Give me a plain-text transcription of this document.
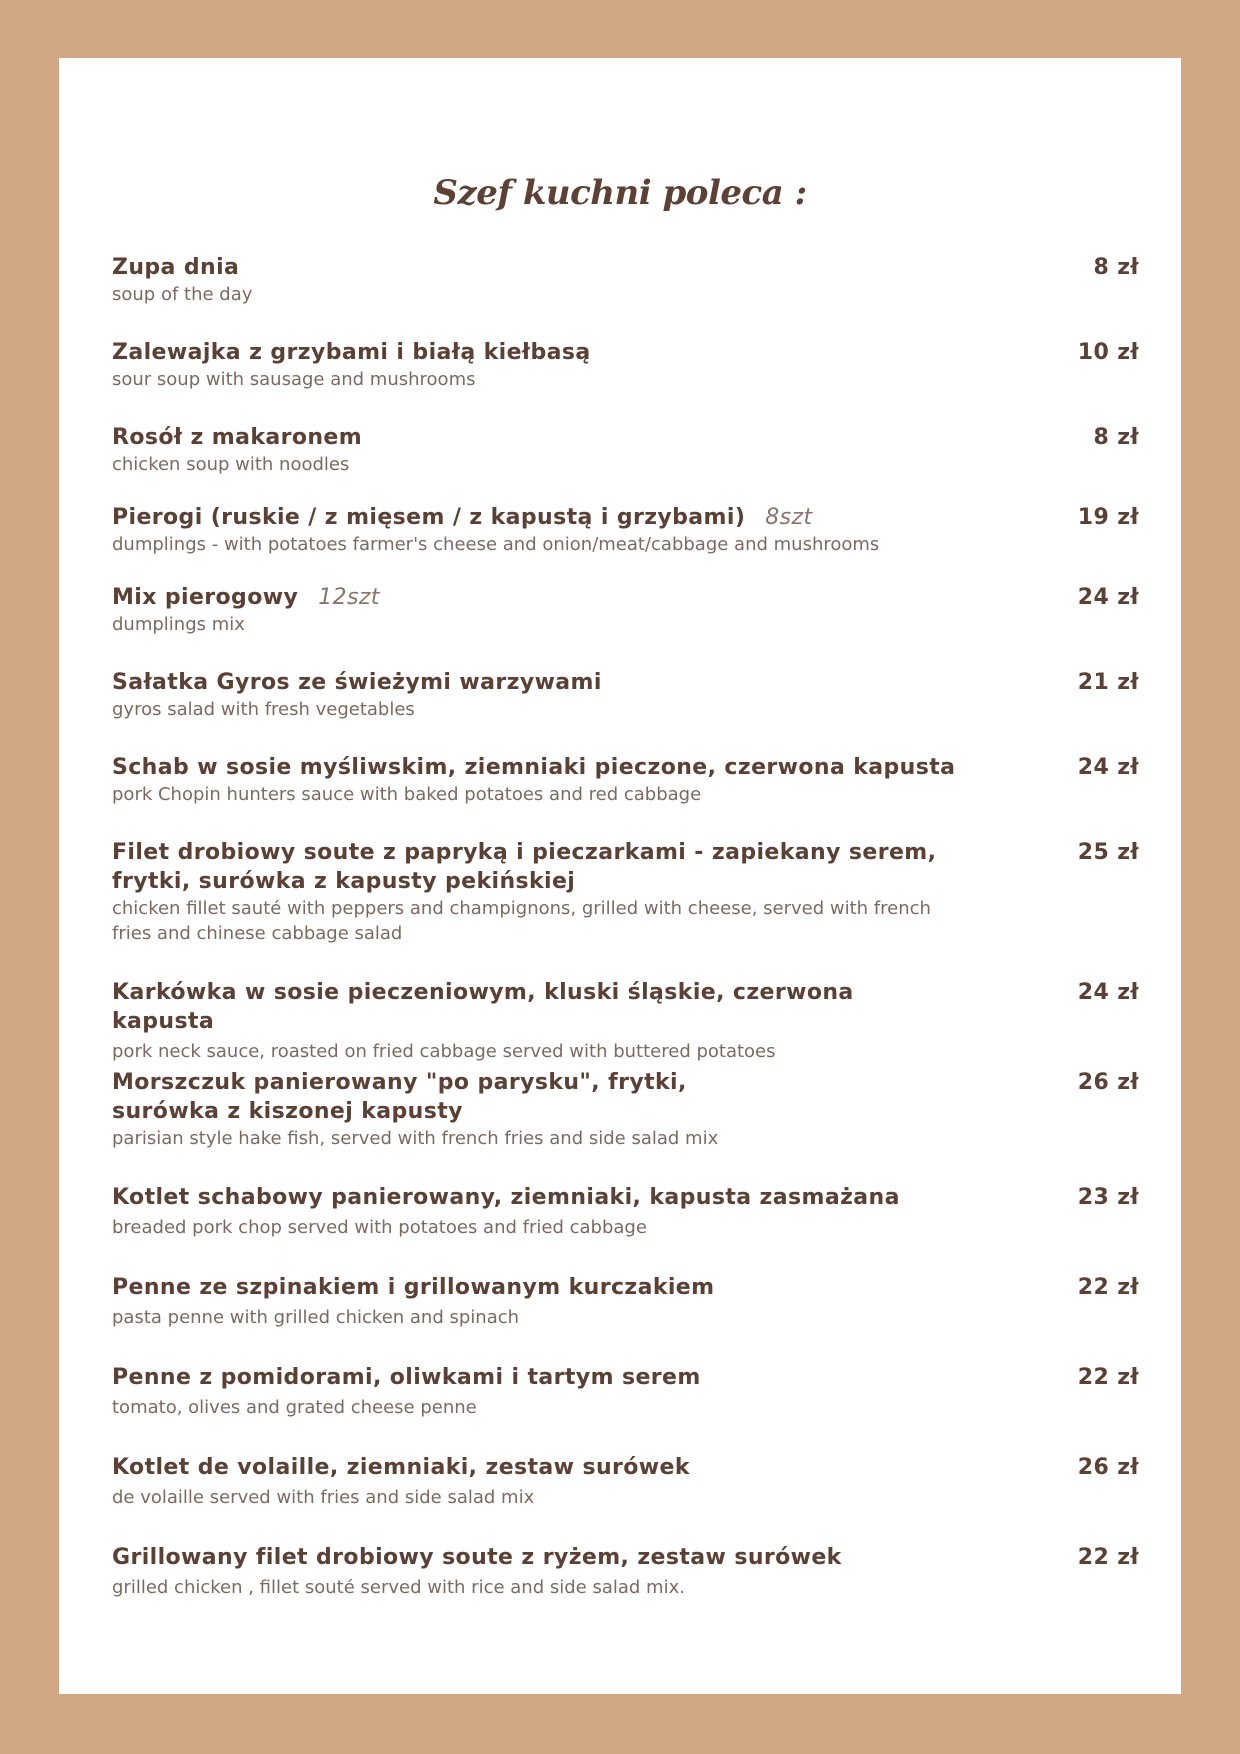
Szef kuchni poleca :
Zupa dnia
soup of the day
8 zł
Zalewajka z grzybami i białą kiełbasą
sour soup with sausage and mushrooms
10 zł
Rosół z makaronem
chicken soup with noodles
8 zł
Pierogi (ruskie / z mięsem / z kapustą i grzybami) 8szt
dumplings - with potatoes farmer's cheese and onion/meat/cabbage and mushrooms
19 zł
Mix pierogowy 12szt
dumplings mix
24 zł
Sałatka Gyros ze świeżymi warzywami
gyros salad with fresh vegetables
21 zł
Schab w sosie myśliwskim, ziemniaki pieczone, czerwona kapusta
pork Chopin hunters sauce with baked potatoes and red cabbage
24 zł
Filet drobiowy soute z papryką i pieczarkami - zapiekany serem, frytki, surówka z kapusty pekińskiej
chicken fillet sauté with peppers and champignons, grilled with cheese, served with french fries and chinese cabbage salad
25 zł
Karkówka w sosie pieczeniowym, kluski śląskie, czerwona kapusta
pork neck sauce, roasted on fried cabbage served with buttered potatoes
24 zł
Morszczuk panierowany "po parysku", frytki,
surówka z kiszonej kapusty
parisian style hake fish, served with french fries and side salad mix
26 zł
Kotlet schabowy panierowany, ziemniaki, kapusta zasmażana
breaded pork chop served with potatoes and fried cabbage
23 zł
Penne ze szpinakiem i grillowanym kurczakiem
pasta penne with grilled chicken and spinach
22 zł
Penne z pomidorami, oliwkami i tartym serem
tomato, olives and grated cheese penne
22 zł
Kotlet de volaille, ziemniaki, zestaw surówek
de volaille served with fries and side salad mix
26 zł
Grillowany filet drobiowy soute z ryżem, zestaw surówek
grilled chicken , fillet souté served with rice and side salad mix.
22 zł
